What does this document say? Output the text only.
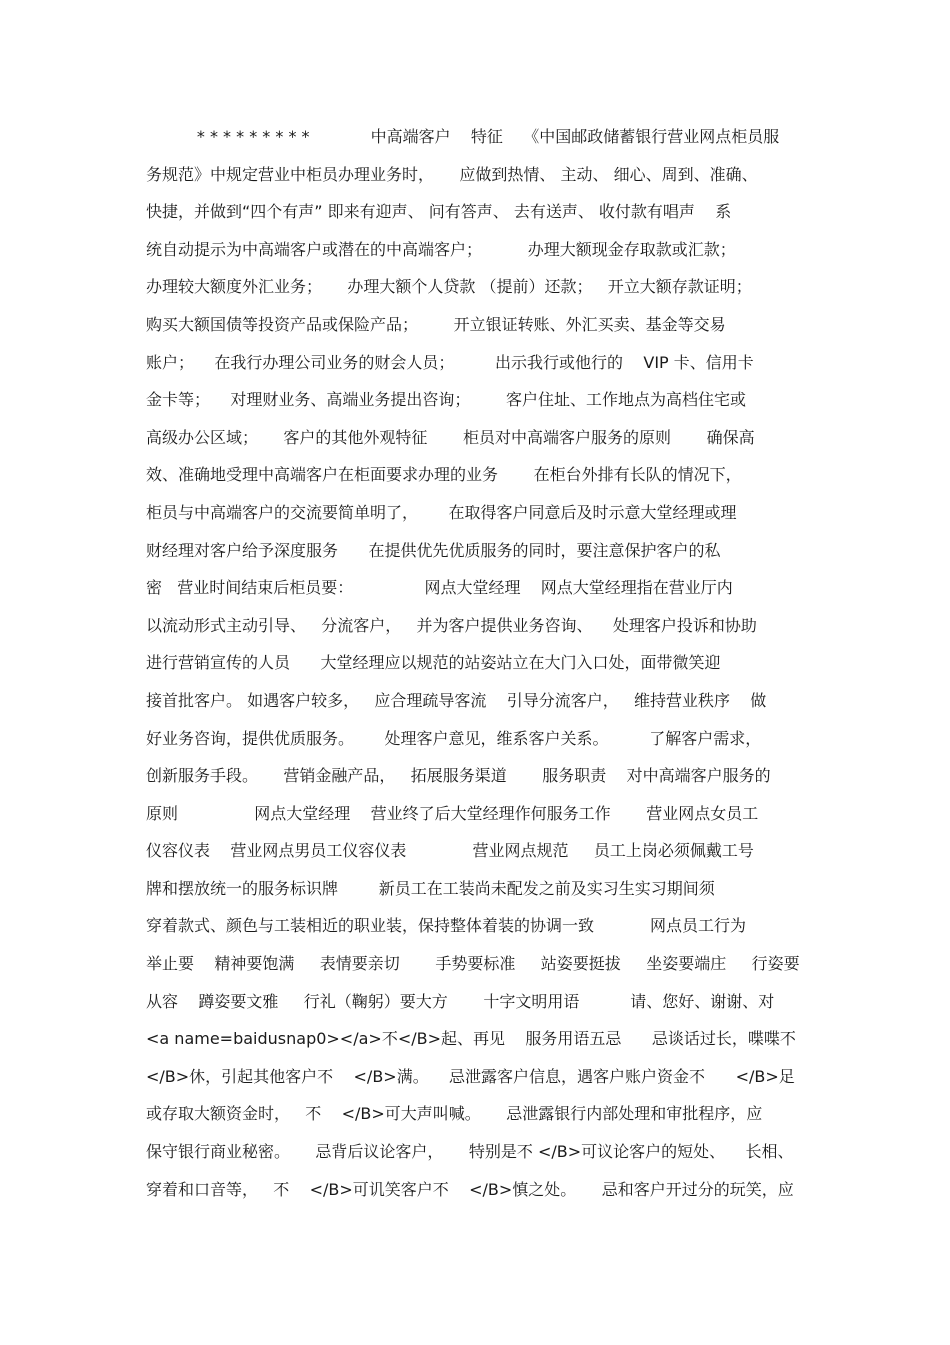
* * * * * * * * *            中高端客户    特征    《中国邮政储蓄银行营业网点柜员服
务规范》中规定营业中柜员办理业务时，     应做到热情、 主动、 细心、周到、准确、
快捷，并做到“四个有声” 即来有迎声、 问有答声、 去有送声、 收付款有唱声    系
统自动提示为中高端客户或潜在的中高端客户；         办理大额现金存取款或汇款；
办理较大额度外汇业务；     办理大额个人贷款 （提前）还款；   开立大额存款证明；
购买大额国债等投资产品或保险产品；       开立银证转账、外汇买卖、基金等交易
账户；    在我行办理公司业务的财会人员；        出示我行或他行的    VIP 卡、信用卡
金卡等；    对理财业务、高端业务提出咨询；       客户住址、工作地点为高档住宅或
高级办公区域；     客户的其他外观特征       柜员对中高端客户服务的原则       确保高
效、准确地受理中高端客户在柜面要求办理的业务       在柜台外排有长队的情况下，
柜员与中高端客户的交流要简单明了，      在取得客户同意后及时示意大堂经理或理
财经理对客户给予深度服务      在提供优先优质服务的同时，要注意保护客户的私
密   营业时间结束后柜员要：              网点大堂经理    网点大堂经理指在营业厅内
以流动形式主动引导、   分流客户，   并为客户提供业务咨询、    处理客户投诉和协助
进行营销宣传的人员      大堂经理应以规范的站姿站立在大门入口处，面带微笑迎
接首批客户。 如遇客户较多，   应合理疏导客流    引导分流客户，   维持营业秩序    做
好业务咨询，提供优质服务。      处理客户意见，维系客户关系。        了解客户需求，
创新服务手段。     营销金融产品，   拓展服务渠道       服务职责    对中高端客户服务的
原则               网点大堂经理    营业终了后大堂经理作何服务工作       营业网点女员工
仪容仪表    营业网点男员工仪容仪表             营业网点规范     员工上岗必须佩戴工号
牌和摆放统一的服务标识牌        新员工在工装尚未配发之前及实习生实习期间须
穿着款式、颜色与工装相近的职业装，保持整体着装的协调一致           网点员工行为
举止要    精神要饱满     表情要亲切       手势要标准     站姿要挺拔     坐姿要端庄     行姿要
从容    蹲姿要文雅     行礼（鞠躬）要大方       十字文明用语          请、您好、谢谢、对
<a name=baidusnap0></a>不</B>起、再见    服务用语五忌      忌谈话过长，喋喋不
</B>休，引起其他客户不    </B>满。    忌泄露客户信息，遇客户账户资金不      </B>足
或存取大额资金时，   不    </B>可大声叫喊。     忌泄露银行内部处理和审批程序，应
保守银行商业秘密。     忌背后议论客户，     特别是不 </B>可议论客户的短处、    长相、
穿着和口音等，   不    </B>可讥笑客户不    </B>慎之处。     忌和客户开过分的玩笑，应
